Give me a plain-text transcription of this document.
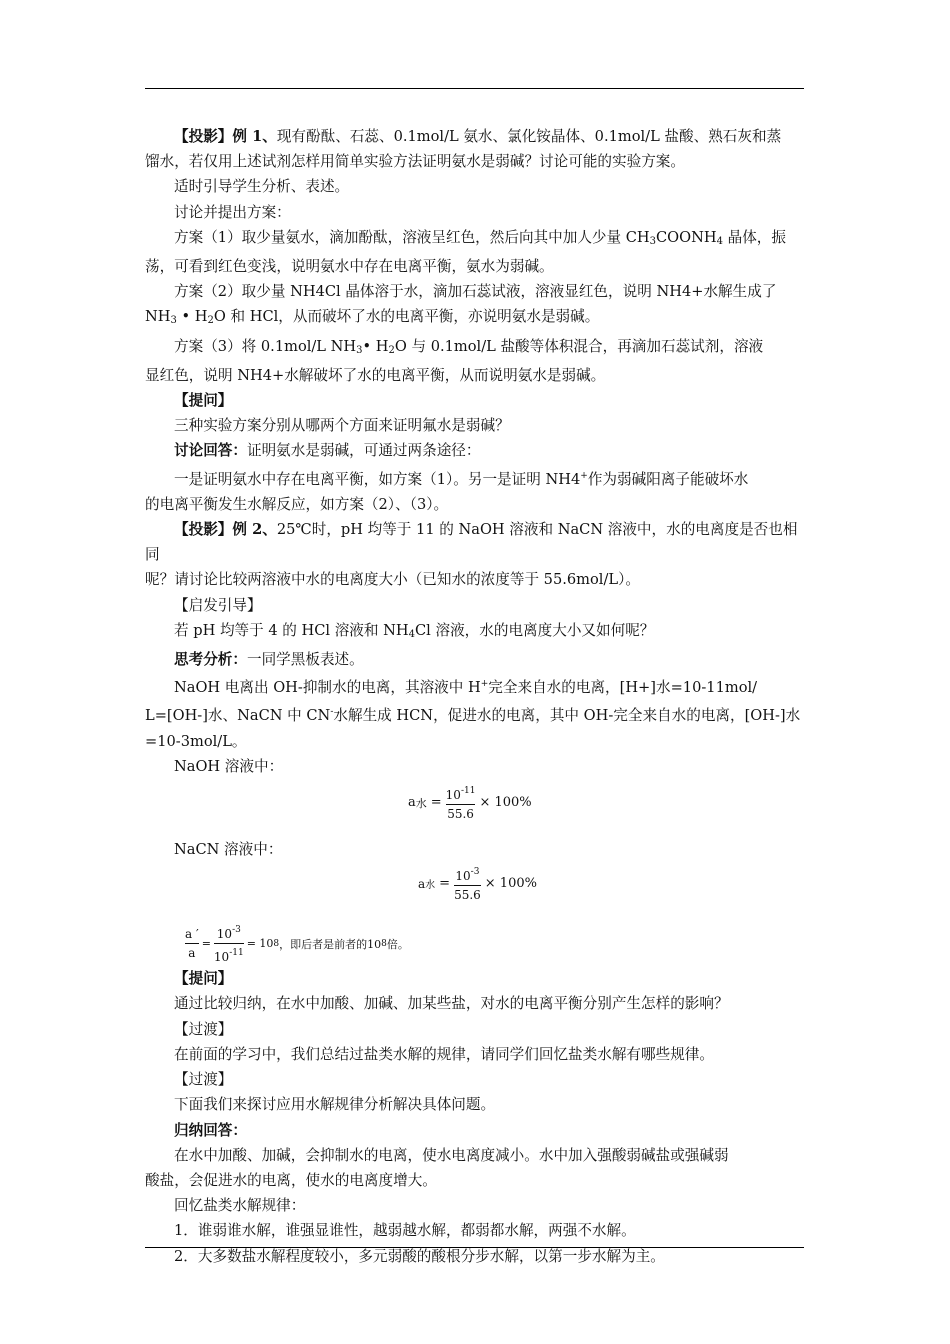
【投影】例 1、现有酚酞、石蕊、0.1mol/L 氨水、氯化铵晶体、0.1mol/L 盐酸、熟石灰和蒸

馏水，若仅用上述试剂怎样用简单实验方法证明氨水是弱碱？讨论可能的实验方案。

适时引导学生分析、表述。

讨论并提出方案：

方案（1）取少量氨水，滴加酚酞，溶液呈红色，然后向其中加人少量 $CH_3COONH_4$ 晶体，振

荡，可看到红色变浅，说明氨水中存在电离平衡，氨水为弱碱。

方案（2）取少量 NH4Cl 晶体溶于水，滴加石蕊试液，溶液显红色，说明 NH4+水解生成了

$NH_3$ • $H_2O$ 和 HCl，从而破坏了水的电离平衡，亦说明氨水是弱碱。

方案（3）将 0.1mol/L $NH_3•$ $H_2O$ 与 0.1mol/L 盐酸等体积混合，再滴加石蕊试剂，溶液

显红色，说明 NH4+水解破坏了水的电离平衡，从而说明氨水是弱碱。

【提问】

三种实验方案分别从哪两个方面来证明氟水是弱碱？

讨论回答：证明氨水是弱碱，可通过两条途径：

一是证明氨水中存在电离平衡，如方案（1）。另一是证明 NH4+作为弱碱阳离子能破坏水

的电离平衡发生水解反应，如方案（2）、（3）。

【投影】例 2、25℃时，pH 均等于 11 的 NaOH 溶液和 NaCN 溶液中，水的电离度是否也相同

呢？请讨论比较两溶液中水的电离度大小（已知水的浓度等于 55.6mol/L）。

【启发引导】

若 pH 均等于 4 的 HCl 溶液和 $NH_4Cl$ 溶液，水的电离度大小又如何呢？

思考分析：一同学黑板表述。

NaOH 电离出 OH-抑制水的电离，其溶液中 H+完全来自水的电离，[H+]水=10-11mol/

L=[OH-]水、NaCN 中 CN-水解生成 HCN，促进水的电离，其中 OH-完全来自水的电离，[OH-]水

=10-3mol/L。

NaOH 溶液中：

a 水 = $\frac{10^{-11}}{55.6} \times 100\%$

NaCN 溶液中：

a 水 = $\frac{10^{-3}}{55.6} \times 100\%$
$\frac{a '}{a} = \frac{10^{-3}}{10^{-11}} = 10$ 8 ，即后者是前者的10 8 倍。

【提问】

通过比较归纳，在水中加酸、加碱、加某些盐，对水的电离平衡分别产生怎样的影响？

【过渡】

在前面的学习中，我们总结过盐类水解的规律，请同学们回忆盐类水解有哪些规律。

【过渡】

下面我们来探讨应用水解规律分析解决具体问题。

归纳回答：

在水中加酸、加碱，会抑制水的电离，使水电离度减小。水中加入强酸弱碱盐或强碱弱

酸盐，会促进水的电离，使水的电离度增大。

回忆盐类水解规律：

1．谁弱谁水解，谁强显谁性，越弱越水解，都弱都水解，两强不水解。

2．大多数盐水解程度较小，多元弱酸的酸根分步水解，以第一步水解为主。
